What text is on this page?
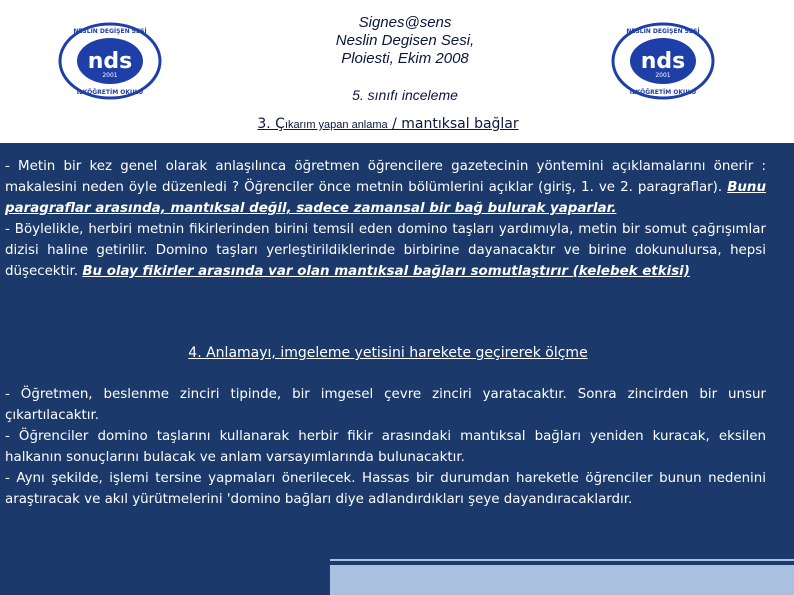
nds
2001
NESLİN DEGİŞEN SESİ
İLKÖĞRETİM OKULU
nds
2001
NESLİN DEGİŞEN SESİ
İLKÖĞRETİM OKULU
Signes@sens
Neslin Degisen Sesi,
Ploiesti, Ekim 2008
5. sınıfı inceleme
3. Çıkarım yapan anlama / mantıksal bağlar
- Metin bir kez genel olarak anlaşılınca öğretmen öğrencilere gazetecinin yöntemini açıklamalarını önerir : makalesini neden öyle düzenledi ? Öğrenciler önce metnin bölümlerini açıklar (giriş, 1. ve 2. paragraflar). Bunu paragraflar arasında, mantıksal değil, sadece zamansal bir bağ bulurak yaparlar.
- Böylelikle, herbiri metnin fikirlerinden birini temsil eden domino taşları yardımıyla, metin bir somut çağrışımlar dizisi haline getirilir. Domino taşları yerleştirildiklerinde birbirine dayanacaktır ve birine dokunulursa, hepsi düşecektir. Bu olay fikirler arasında var olan mantıksal bağları somutlaştırır (kelebek etkisi)
4. Anlamayı, imgeleme yetisini harekete geçirerek ölçme
- Öğretmen, beslenme zinciri tipinde, bir imgesel çevre zinciri yaratacaktır. Sonra zincirden bir unsur çıkartılacaktır.
- Öğrenciler domino taşlarını kullanarak herbir fikir arasındaki mantıksal bağları yeniden kuracak, eksilen halkanın sonuçlarını bulacak ve anlam varsayımlarında bulunacaktır.
- Aynı şekilde, işlemi tersine yapmaları önerilecek. Hassas bir durumdan hareketle öğrenciler bunun nedenini araştıracak ve akıl yürütmelerini 'domino bağları diye adlandırdıkları şeye dayandıracaklardır.
